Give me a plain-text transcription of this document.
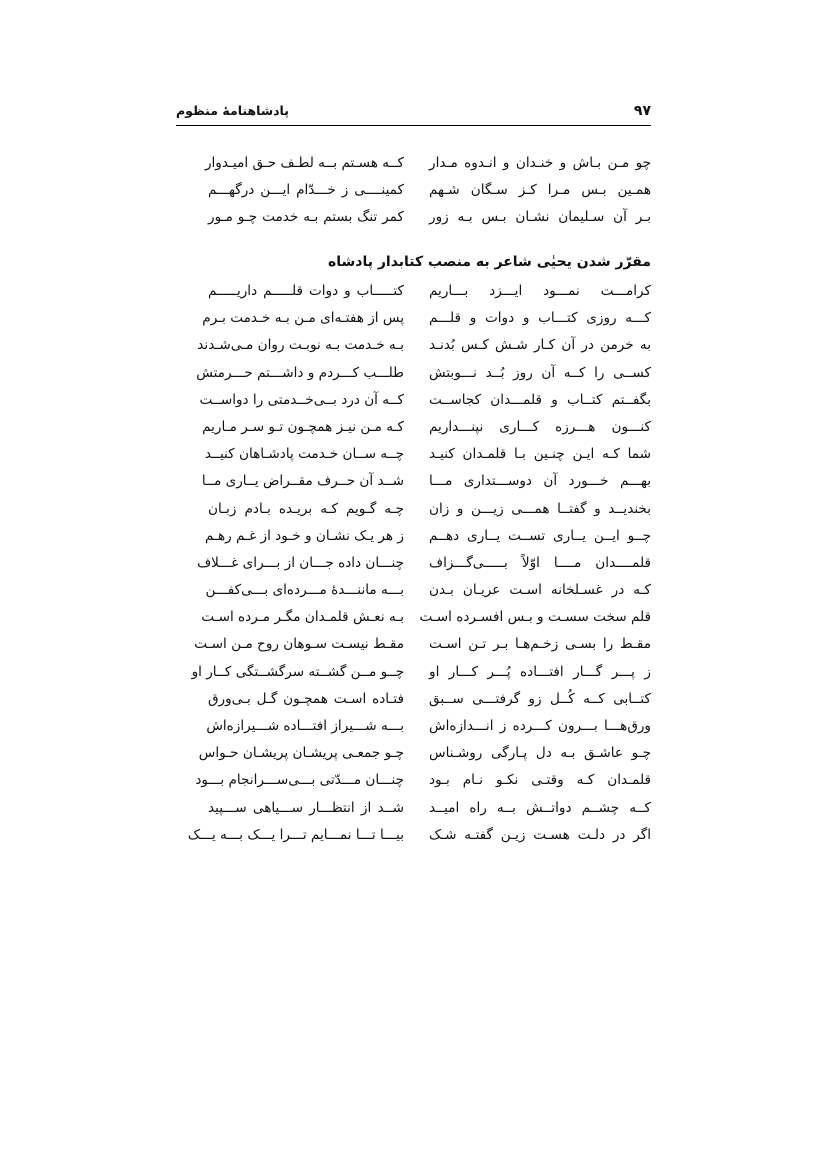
۹۷
پادشاهنامهٔ منظوم
چو مـن بـاش و خنـدان و انـدوه مـدار
کــه هسـتم بــه لطـف حـق امیـدوار
همـین بـس مـرا کـز سـگان شـهم
کمینــــی ز خـــدّام ایـــن درگهـــم
بـر آن سـلیمان نشـان بـس بـه زور
کمر تنگ بستم بـه خدمت چـو مـور
مقرّر شدن یحیٰی شاعر به منصب کتابدار پادشاه
کرامـــت نمـــود ایـــزد بـــاریم
کتـــــاب و دوات قلـــــم داریـــــم
کـــه روزی کتـــاب و دوات و قلـــم
پس از هفتـه‌ای مـن بـه خـدمت بـرم
به خرمن در آن کـار شـش کـس بُدنـد
بـه خـدمت بـه نوبـت روان مـی‌شـدند
کســی را کــه آن روز بُــد نـــوبتش
طلـــب کـــردم و داشـــتم حـــرمتش
بگفــتم کتــاب و قلمـــدان کجاســت
کــه آن درد بــی‌خــدمتی را دواســت
کنـــون هـــرزه کـــاری نپنـــداریم
کـه مـن نیـز همچـون تـو سـر مـاریم
شما کـه ایـن چنـین بـا قلمـدان کنیـد
چــه ســان خـدمت پادشـاهان کنیــد
بهـــم خـــورد آن دوســـتداری مـــا
شــد آن حــرف مقــراض یــاری مــا
بخندیــد و گفتــا همـــی زیـــن و زان
چـه گـویم کـه بریـده بـادم زبـان
چــو ایــن یــاری تســت یــاری دهــم
ز هر یـک نشـان و خـود از غـم رهـم
قلمــــدان مــــا اوّلاً بـــــی‌گـــزاف
چنـــان داده جـــان از بـــرای غـــلاف
کـه در غسـلخانه اسـت عریـان بـدن
بـــه ماننـــدهٔ مـــرده‌ای بـــی‌کفـــن
قلم سخت سسـت و بـس افسـرده اسـت
بـه نعـش قلمـدان مگـر مـرده اسـت
مقـط را بسـی زخـم‌هـا بـر تـن اسـت
مقـط نیسـت سـوهان روح مـن اسـت
ز پـــر گـــار افتـــاده پُـــر کـــار او
چــو مــن گشــته سرگشــتگی کــار او
کتــابی کــه کُــل زو گرفتـــی ســبق
فتـاده اسـت همچـون گـل بـی‌ورق
ورق‌هـــا بـــرون کـــرده ز انـــدازه‌اش
بـــه شـــیراز افتـــاده شـــیرازه‌اش
چـو عاشـق بـه دل پـارگی روشـناس
چـو جمعـی پریشـان پریشـان حـواس
قلمـدان کـه وقتـی نکـو نـام بـود
چنـــان مـــدّتی بـــی‌ســـرانجام بـــود
کــه چشــم دواتــش بــه راه امیــد
شــد از انتظـــار ســـیاهی ســـپید
اگر در دلـت هسـت زیـن گفتـه شـک
بیـــا تـــا نمـــایم تـــرا یـــک بـــه یـــک
